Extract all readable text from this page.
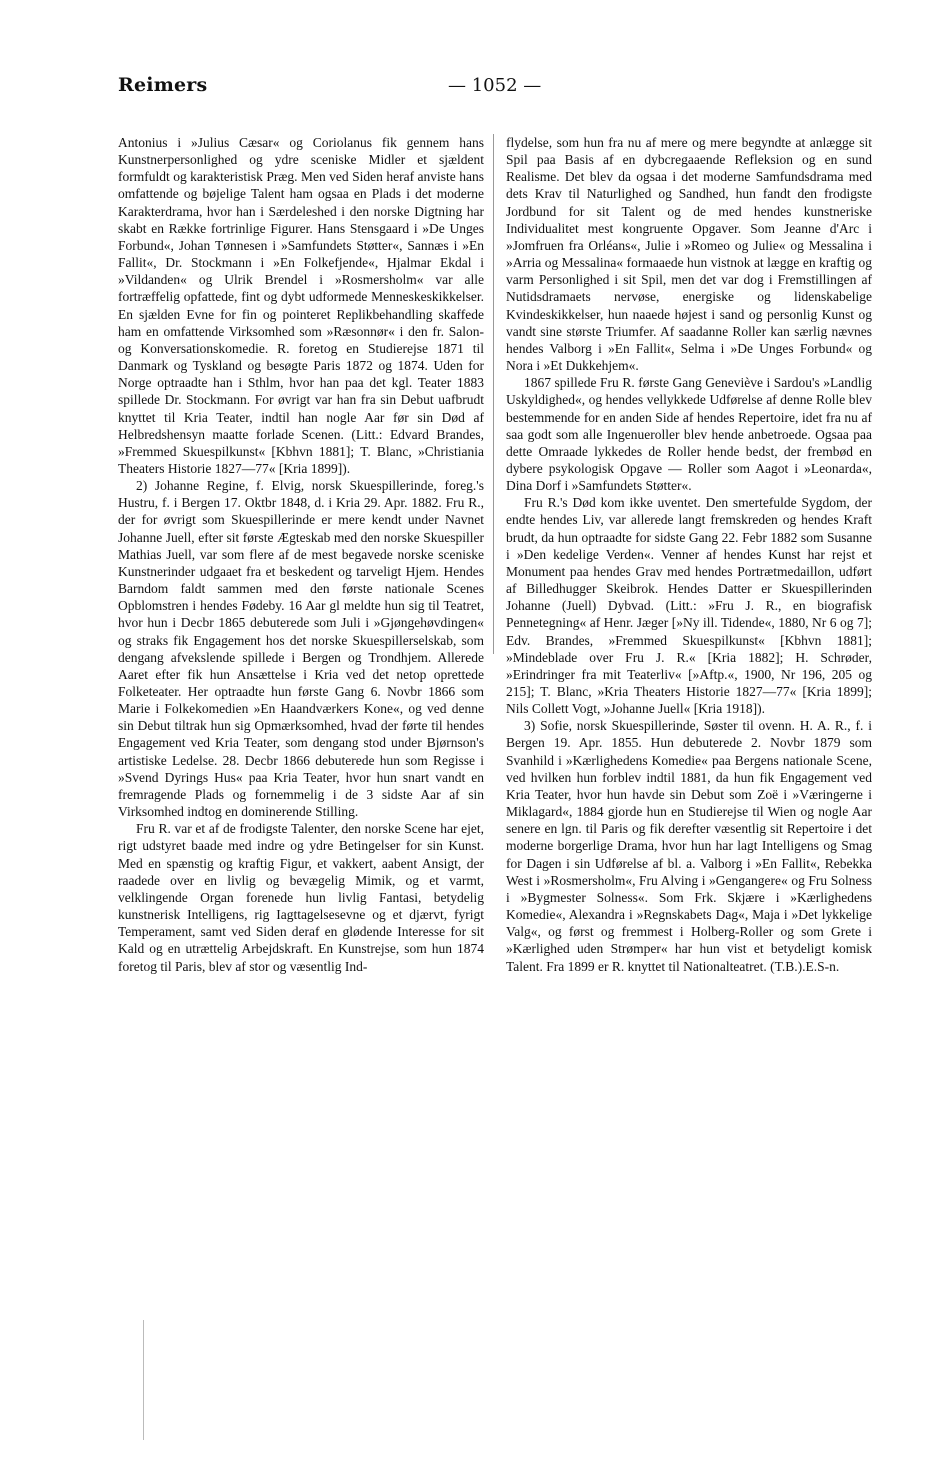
Reimers	— 1052 —

Antonius i »Julius Cæsar« og Coriolanus fik gennem hans Kunstnerpersonlighed og ydre sceniske Midler et sjældent formfuldt og karakteristisk Præg. Men ved Siden heraf anviste hans omfattende og bøjelige Talent ham ogsaa en Plads i det moderne Karakterdrama, hvor han i Særdeleshed i den norske Digtning har skabt en Række fortrinlige Figurer. Hans Stensgaard i »De Unges Forbund«, Johan Tønnesen i »Samfundets Støtter«, Sannæs i »En Fallit«, Dr. Stockmann i »En Folkefjende«, Hjalmar Ekdal i »Vildanden« og Ulrik Brendel i »Rosmersholm« var alle fortræffelig opfattede, fint og dybt udformede Menneskeskikkelser. En sjælden Evne for fin og pointeret Replikbehandling skaffede ham en omfattende Virksomhed som »Ræsonnør« i den fr. Salon- og Konversationskomedie. R. foretog en Studierejse 1871 til Danmark og Tyskland og besøgte Paris 1872 og 1874. Uden for Norge optraadte han i Sthlm, hvor han paa det kgl. Teater 1883 spillede Dr. Stockmann. For øvrigt var han fra sin Debut uafbrudt knyttet til Kria Teater, indtil han nogle Aar før sin Død af Helbredshensyn maatte forlade Scenen. (Litt.: Edvard Brandes, »Fremmed Skuespilkunst« [Kbhvn 1881]; T. Blanc, »Christiania Theaters Historie 1827—77« [Kria 1899]).

2) Johanne Regine, f. Elvig, norsk Skuespillerinde, foreg.'s Hustru, f. i Bergen 17. Oktbr 1848, d. i Kria 29. Apr. 1882. Fru R., der for øvrigt som Skuespillerinde er mere kendt under Navnet Johanne Juell, efter sit første Ægteskab med den norske Skuespiller Mathias Juell, var som flere af de mest begavede norske sceniske Kunstnerinder udgaaet fra et beskedent og tarveligt Hjem. Hendes Barndom faldt sammen med den første nationale Scenes Opblomstren i hendes Fødeby. 16 Aar gl meldte hun sig til Teatret, hvor hun i Decbr 1865 debuterede som Juli i »Gjøngehøvdingen« og straks fik Engagement hos det norske Skuespillerselskab, som dengang afvekslende spillede i Bergen og Trondhjem. Allerede Aaret efter fik hun Ansættelse i Kria ved det netop oprettede Folketeater. Her optraadte hun første Gang 6. Novbr 1866 som Marie i Folkekomedien »En Haandværkers Kone«, og ved denne sin Debut tiltrak hun sig Opmærksomhed, hvad der førte til hendes Engagement ved Kria Teater, som dengang stod under Bjørnson's artistiske Ledelse. 28. Decbr 1866 debuterede hun som Regisse i »Svend Dyrings Hus« paa Kria Teater, hvor hun snart vandt en fremragende Plads og fornemmelig i de 3 sidste Aar af sin Virksomhed indtog en dominerende Stilling.

Fru R. var et af de frodigste Talenter, den norske Scene har ejet, rigt udstyret baade med indre og ydre Betingelser for sin Kunst. Med en spænstig og kraftig Figur, et vakkert, aabent Ansigt, der raadede over en livlig og bevægelig Mimik, og et varmt, velklingende Organ forenede hun livlig Fantasi, betydelig kunstnerisk Intelligens, rig Iagttagelsesevne og et djærvt, fyrigt Temperament, samt ved Siden deraf en glødende Interesse for sit Kald og en utrættelig Arbejdskraft. En Kunstrejse, som hun 1874 foretog til Paris, blev af stor og væsentlig Ind-

flydelse, som hun fra nu af mere og mere begyndte at anlægge sit Spil paa Basis af en dybcregaaende Refleksion og en sund Realisme. Det blev da ogsaa i det moderne Samfundsdrama med dets Krav til Naturlighed og Sandhed, hun fandt den frodigste Jordbund for sit Talent og de med hendes kunstneriske Individualitet mest kongruente Opgaver. Som Jeanne d'Arc i »Jomfruen fra Orléans«, Julie i »Romeo og Julie« og Messalina i »Arria og Messalina« formaaede hun vistnok at lægge en kraftig og varm Personlighed i sit Spil, men det var dog i Fremstillingen af Nutidsdramaets nervøse, energiske og lidenskabelige Kvindeskikkelser, hun naaede højest i sand og personlig Kunst og vandt sine største Triumfer. Af saadanne Roller kan særlig nævnes hendes Valborg i »En Fallit«, Selma i »De Unges Forbund« og Nora i »Et Dukkehjem«.

1867 spillede Fru R. første Gang Geneviève i Sardou's »Landlig Uskyldighed«, og hendes vellykkede Udførelse af denne Rolle blev bestemmende for en anden Side af hendes Repertoire, idet fra nu af saa godt som alle Ingenueroller blev hende anbetroede. Ogsaa paa dette Omraade lykkedes de Roller hende bedst, der frembød en dybere psykologisk Opgave — Roller som Aagot i »Leonarda«, Dina Dorf i »Samfundets Støtter«.

Fru R.'s Død kom ikke uventet. Den smertefulde Sygdom, der endte hendes Liv, var allerede langt fremskreden og hendes Kraft brudt, da hun optraadte for sidste Gang 22. Febr 1882 som Susanne i »Den kedelige Verden«. Venner af hendes Kunst har rejst et Monument paa hendes Grav med hendes Portrætmedaillon, udført af Billedhugger Skeibrok. Hendes Datter er Skuespillerinden Johanne (Juell) Dybvad. (Litt.: »Fru J. R., en biografisk Pennetegning« af Henr. Jæger [»Ny ill. Tidende«, 1880, Nr 6 og 7]; Edv. Brandes, »Fremmed Skuespilkunst« [Kbhvn 1881]; »Mindeblade over Fru J. R.« [Kria 1882]; H. Schrøder, »Erindringer fra mit Teaterliv« [»Aftp.«, 1900, Nr 196, 205 og 215]; T. Blanc, »Kria Theaters Historie 1827—77« [Kria 1899]; Nils Collett Vogt, »Johanne Juell« [Kria 1918]).

3) Sofie, norsk Skuespillerinde, Søster til ovenn. H. A. R., f. i Bergen 19. Apr. 1855. Hun debuterede 2. Novbr 1879 som Svanhild i »Kærlighedens Komedie« paa Bergens nationale Scene, ved hvilken hun forblev indtil 1881, da hun fik Engagement ved Kria Teater, hvor hun havde sin Debut som Zoë i »Væringerne i Miklagard«, 1884 gjorde hun en Studierejse til Wien og nogle Aar senere en lgn. til Paris og fik derefter væsentlig sit Repertoire i det moderne borgerlige Drama, hvor hun har lagt Intelligens og Smag for Dagen i sin Udførelse af bl. a. Valborg i »En Fallit«, Rebekka West i »Rosmersholm«, Fru Alving i »Gengangere« og Fru Solness i »Bygmester Solness«. Som Frk. Skjære i »Kærlighedens Komedie«, Alexandra i »Regnskabets Dag«, Maja i »Det lykkelige Valg«, og først og fremmest i Holberg-Roller og som Grete i »Kærlighed uden Strømper« har hun vist et betydeligt komisk Talent. Fra 1899 er R. knyttet til Nationalteatret. (T.B.).E.S-n.
